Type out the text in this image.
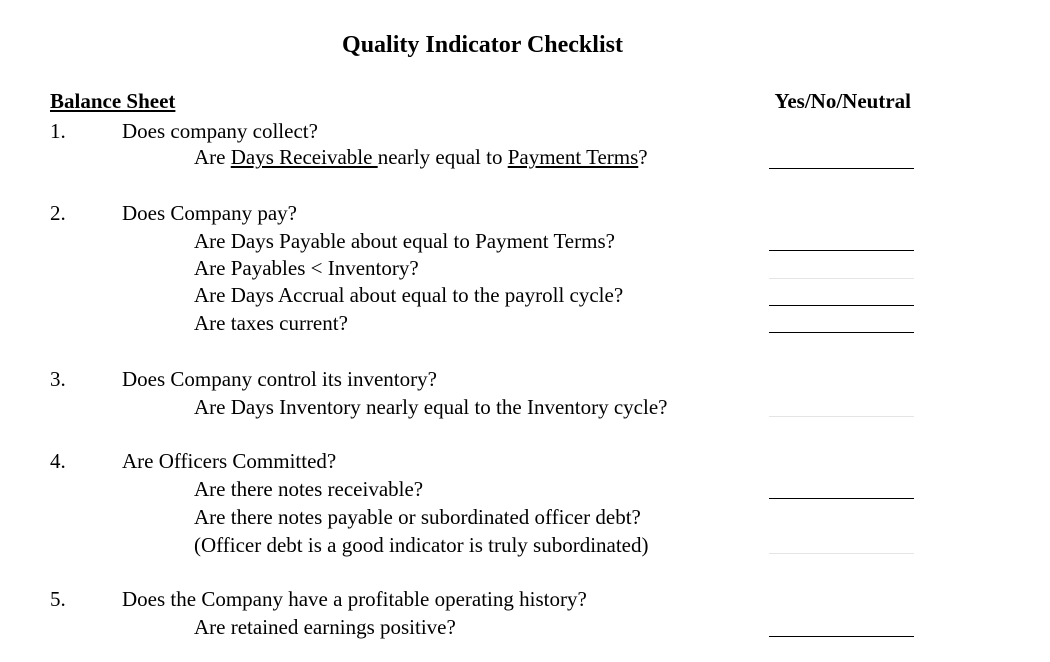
Quality Indicator Checklist
Balance Sheet	Yes/No/Neutral
1.	Does company collect?
Are Days Receivable nearly equal to Payment Terms?
2.	Does Company pay?
Are Days Payable about equal to Payment Terms?
Are Payables < Inventory?
Are Days Accrual about equal to the payroll cycle?
Are taxes current?
3.	Does Company control its inventory?
Are Days Inventory nearly equal to the Inventory cycle?
4.	Are Officers Committed?
Are there notes receivable?
Are there notes payable or subordinated officer debt?
(Officer debt is a good indicator is truly subordinated)
5.	Does the Company have a profitable operating history?
Are retained earnings positive?
